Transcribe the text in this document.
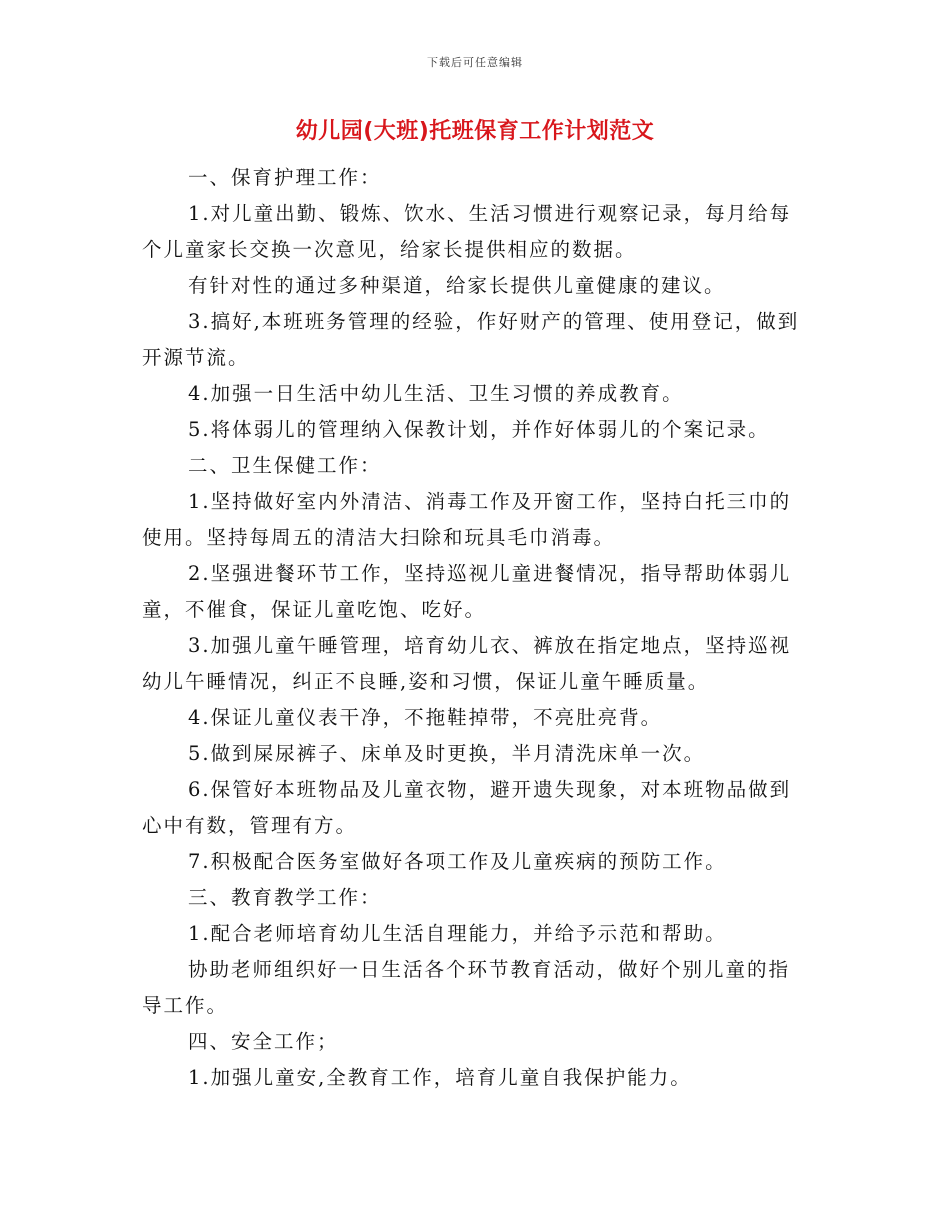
下载后可任意编辑
幼儿园(大班)托班保育工作计划范文

一、保育护理工作：

1.对儿童出勤、锻炼、饮水、生活习惯进行观察记录，每月给每个儿童家长交换一次意见，给家长提供相应的数据。

有针对性的通过多种渠道，给家长提供儿童健康的建议。

3.搞好,本班班务管理的经验，作好财产的管理、使用登记，做到开源节流。

4.加强一日生活中幼儿生活、卫生习惯的养成教育。

5.将体弱儿的管理纳入保教计划，并作好体弱儿的个案记录。

二、卫生保健工作：

1.坚持做好室内外清洁、消毒工作及开窗工作，坚持白托三巾的使用。坚持每周五的清洁大扫除和玩具毛巾消毒。

2.坚强进餐环节工作，坚持巡视儿童进餐情况，指导帮助体弱儿童，不催食，保证儿童吃饱、吃好。

3.加强儿童午睡管理，培育幼儿衣、裤放在指定地点，坚持巡视幼儿午睡情况，纠正不良睡,姿和习惯，保证儿童午睡质量。

4.保证儿童仪表干净，不拖鞋掉带，不亮肚亮背。

5.做到屎尿裤子、床单及时更换，半月清洗床单一次。

6.保管好本班物品及儿童衣物，避开遗失现象，对本班物品做到心中有数，管理有方。

7.积极配合医务室做好各项工作及儿童疾病的预防工作。

三、教育教学工作：

1.配合老师培育幼儿生活自理能力，并给予示范和帮助。

协助老师组织好一日生活各个环节教育活动，做好个别儿童的指导工作。

四、安全工作；

1.加强儿童安,全教育工作，培育儿童自我保护能力。
